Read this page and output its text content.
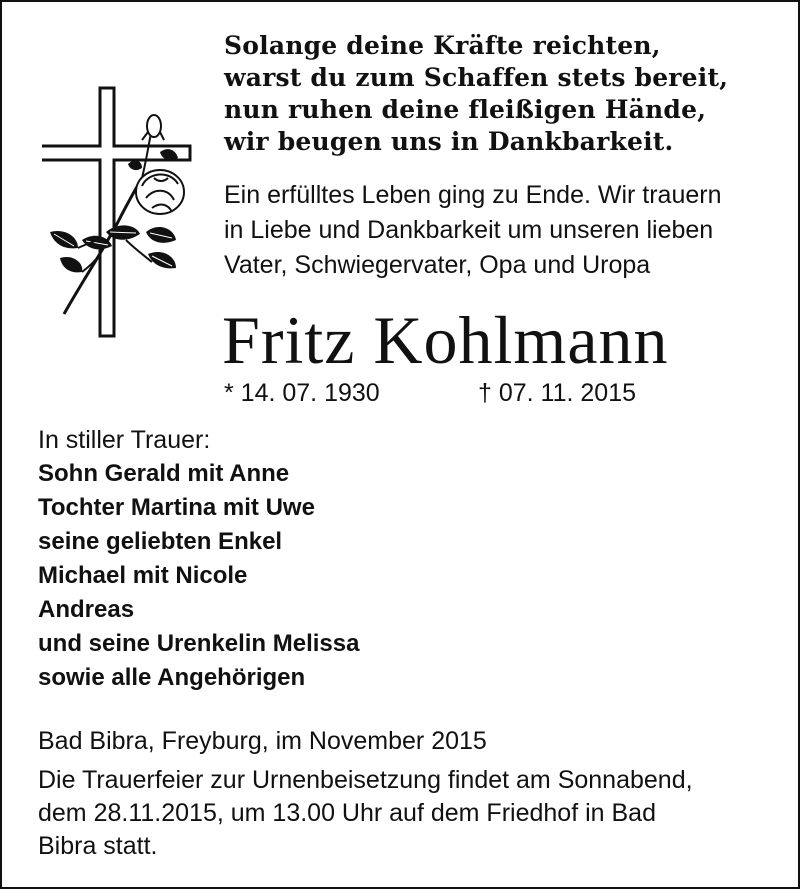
Solange deine Kräfte reichten,
warst du zum Schaffen stets bereit,
nun ruhen deine fleißigen Hände,
wir beugen uns in Dankbarkeit.
Ein erfülltes Leben ging zu Ende. Wir trauern
in Liebe und Dankbarkeit um unseren lieben
Vater, Schwiegervater, Opa und Uropa
Fritz Kohlmann
* 14. 07. 1930	† 07. 11. 2015
In stiller Trauer:
Sohn Gerald mit Anne
Tochter Martina mit Uwe
seine geliebten Enkel
Michael mit Nicole
Andreas
und seine Urenkelin Melissa
sowie alle Angehörigen
Bad Bibra, Freyburg, im November 2015
Die Trauerfeier zur Urnenbeisetzung findet am Sonnabend,
dem 28.11.2015, um 13.00 Uhr auf dem Friedhof in Bad
Bibra statt.
